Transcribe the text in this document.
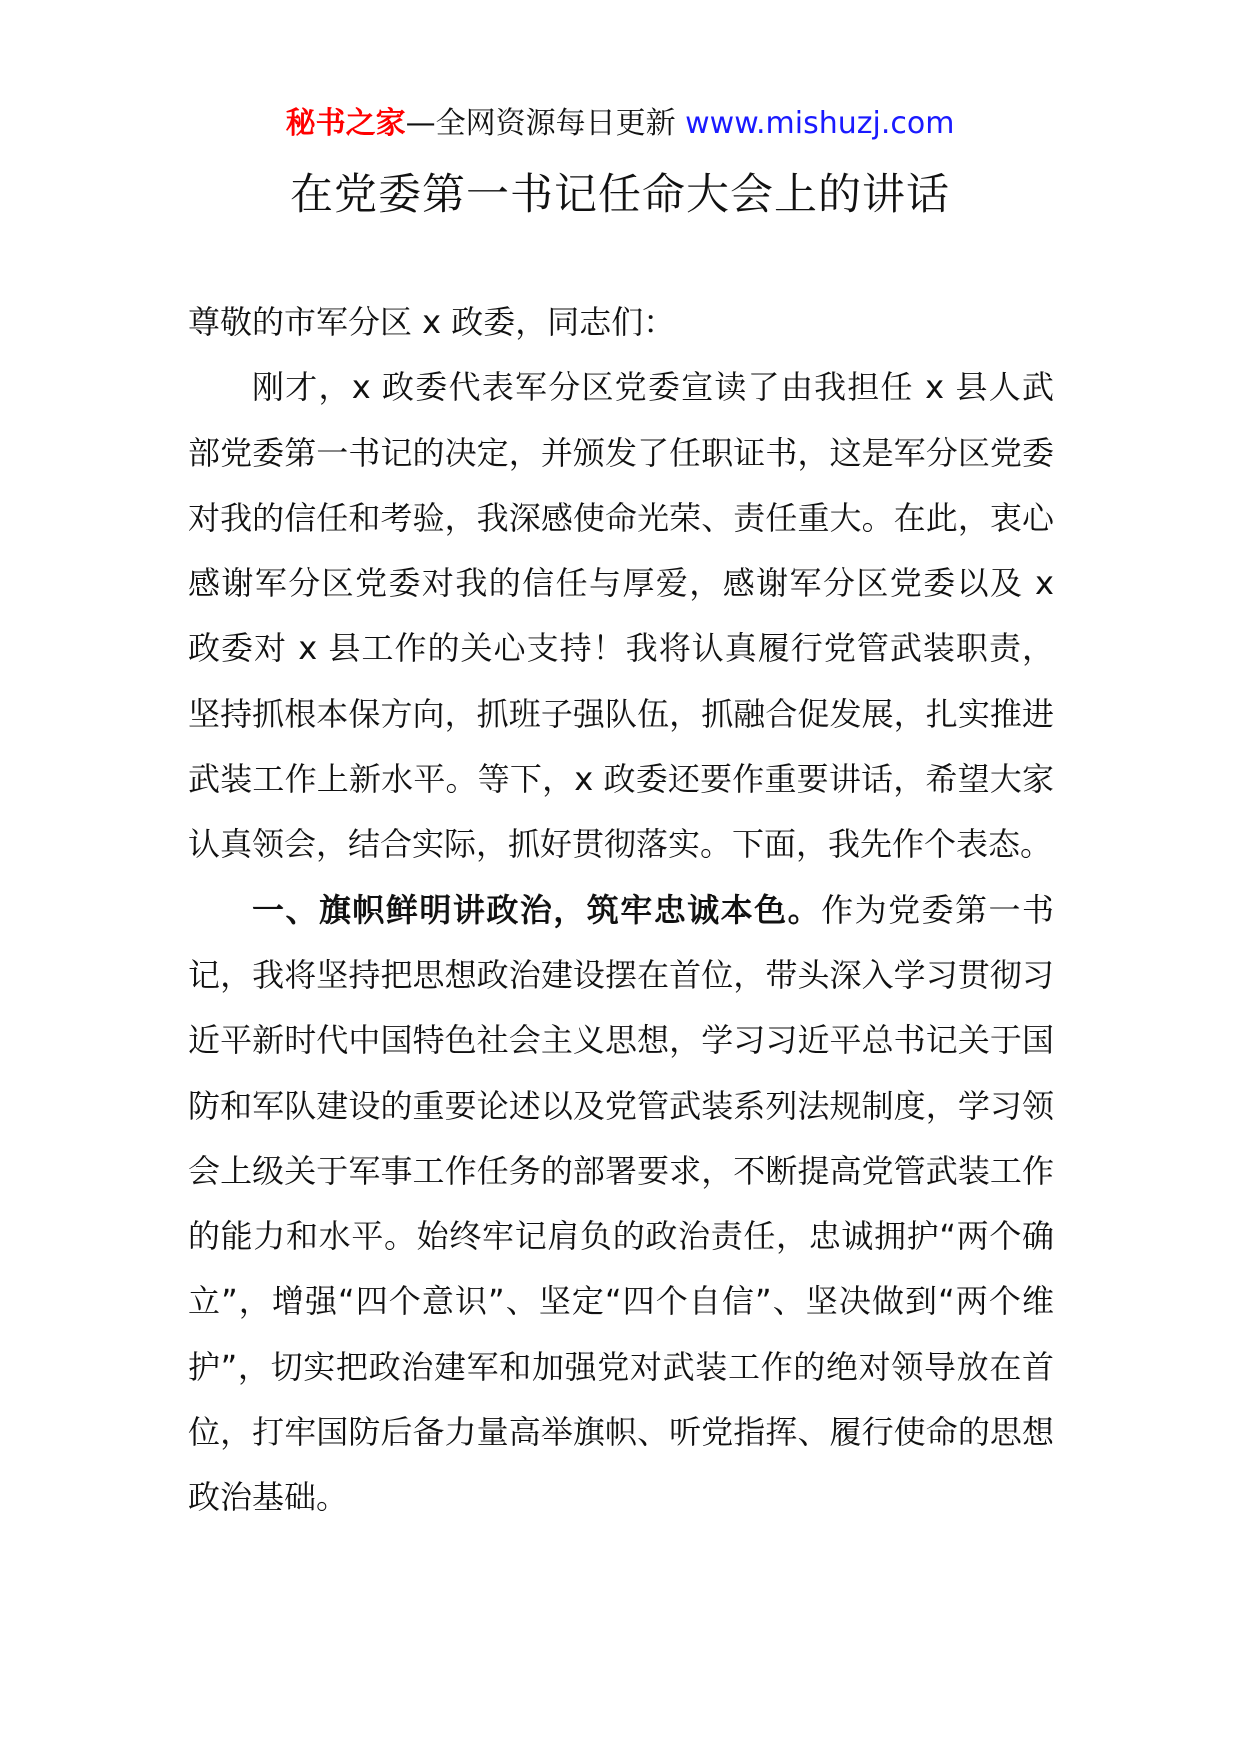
秘书之家—全网资源每日更新 www.mishuzj.com
在党委第一书记任命大会上的讲话

尊敬的市军分区 x 政委，同志们：

刚才，x 政委代表军分区党委宣读了由我担任 x 县人武部党委第一书记的决定，并颁发了任职证书，这是军分区党委对我的信任和考验，我深感使命光荣、责任重大。在此，衷心感谢军分区党委对我的信任与厚爱，感谢军分区党委以及 x 政委对 x 县工作的关心支持！我将认真履行党管武装职责，坚持抓根本保方向，抓班子强队伍，抓融合促发展，扎实推进武装工作上新水平。等下，x 政委还要作重要讲话，希望大家认真领会，结合实际，抓好贯彻落实。下面，我先作个表态。

一、旗帜鲜明讲政治，筑牢忠诚本色。作为党委第一书记，我将坚持把思想政治建设摆在首位，带头深入学习贯彻习近平新时代中国特色社会主义思想，学习习近平总书记关于国防和军队建设的重要论述以及党管武装系列法规制度，学习领会上级关于军事工作任务的部署要求，不断提高党管武装工作的能力和水平。始终牢记肩负的政治责任，忠诚拥护“两个确立”，增强“四个意识”、坚定“四个自信”、坚决做到“两个维护”，切实把政治建军和加强党对武装工作的绝对领导放在首位，打牢国防后备力量高举旗帜、听党指挥、履行使命的思想政治基础。
